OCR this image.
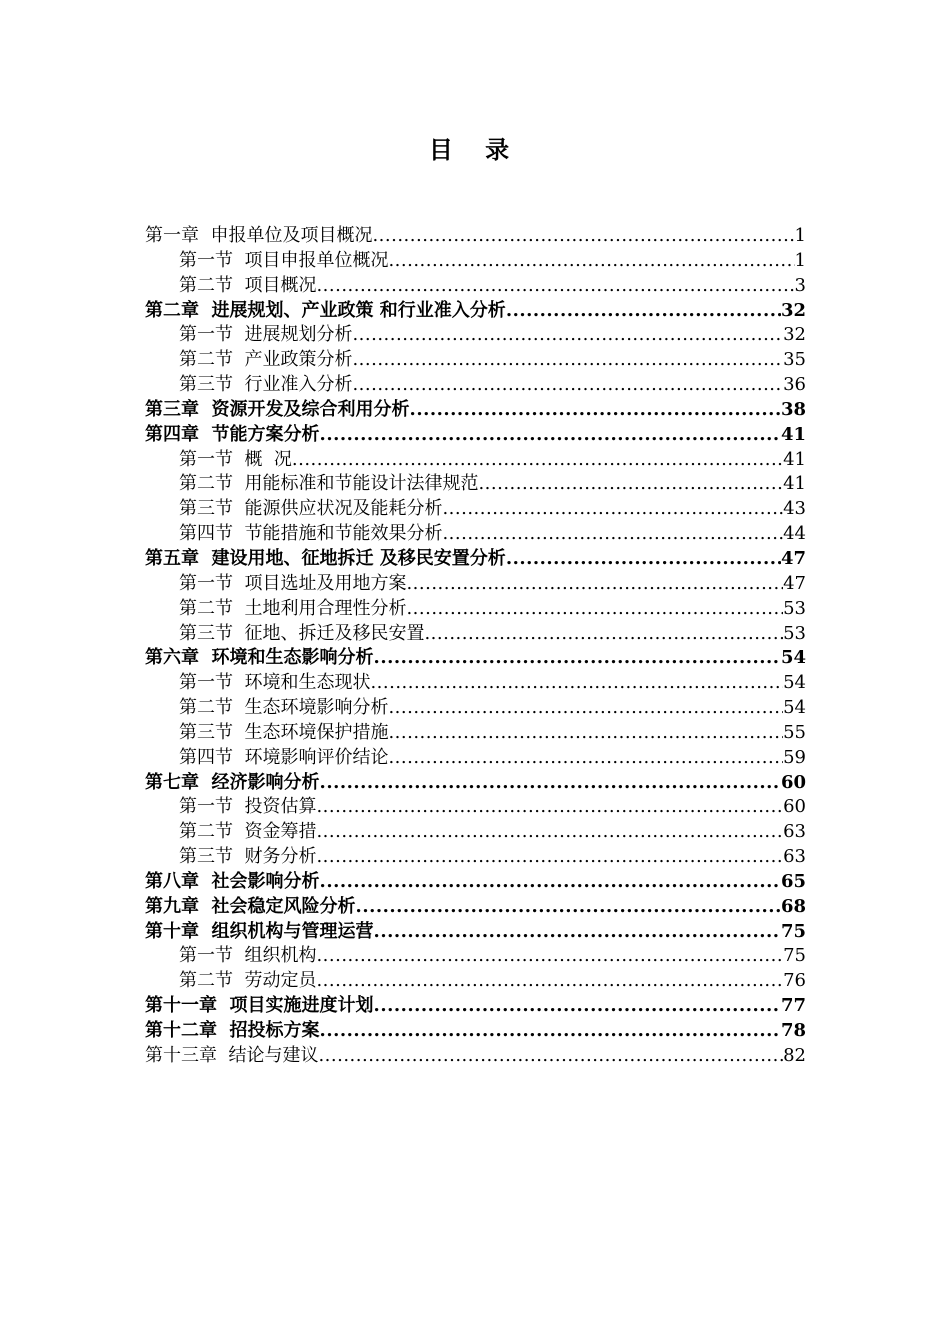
目 录
第一章  申报单位及项目概况 .....	1
第一节  项目申报单位概况 .....	1
第二节  项目概况 .....	3
第二章  进展规划、产业政策 和行业准入分析 .....	32
第一节  进展规划分析 .....	32
第二节  产业政策分析 .....	35
第三节  行业准入分析 .....	36
第三章  资源开发及综合利用分析 .....	38
第四章  节能方案分析 .....	41
第一节  概  况 .....	41
第二节  用能标准和节能设计法律规范 .....	41
第三节  能源供应状况及能耗分析 .....	43
第四节  节能措施和节能效果分析 .....	44
第五章  建设用地、征地拆迁 及移民安置分析 .....	47
第一节  项目选址及用地方案 .....	47
第二节  土地利用合理性分析 .....	53
第三节  征地、拆迁及移民安置 .....	53
第六章  环境和生态影响分析 .....	54
第一节  环境和生态现状 .....	54
第二节  生态环境影响分析 .....	54
第三节  生态环境保护措施 .....	55
第四节  环境影响评价结论 .....	59
第七章  经济影响分析 .....	60
第一节  投资估算 .....	60
第二节  资金筹措 .....	63
第三节  财务分析 .....	63
第八章  社会影响分析 .....	65
第九章  社会稳定风险分析 .....	68
第十章  组织机构与管理运营 .....	75
第一节  组织机构 .....	75
第二节  劳动定员 .....	76
第十一章  项目实施进度计划 .....	77
第十二章  招投标方案 .....	78
第十三章  结论与建议 .....	82
